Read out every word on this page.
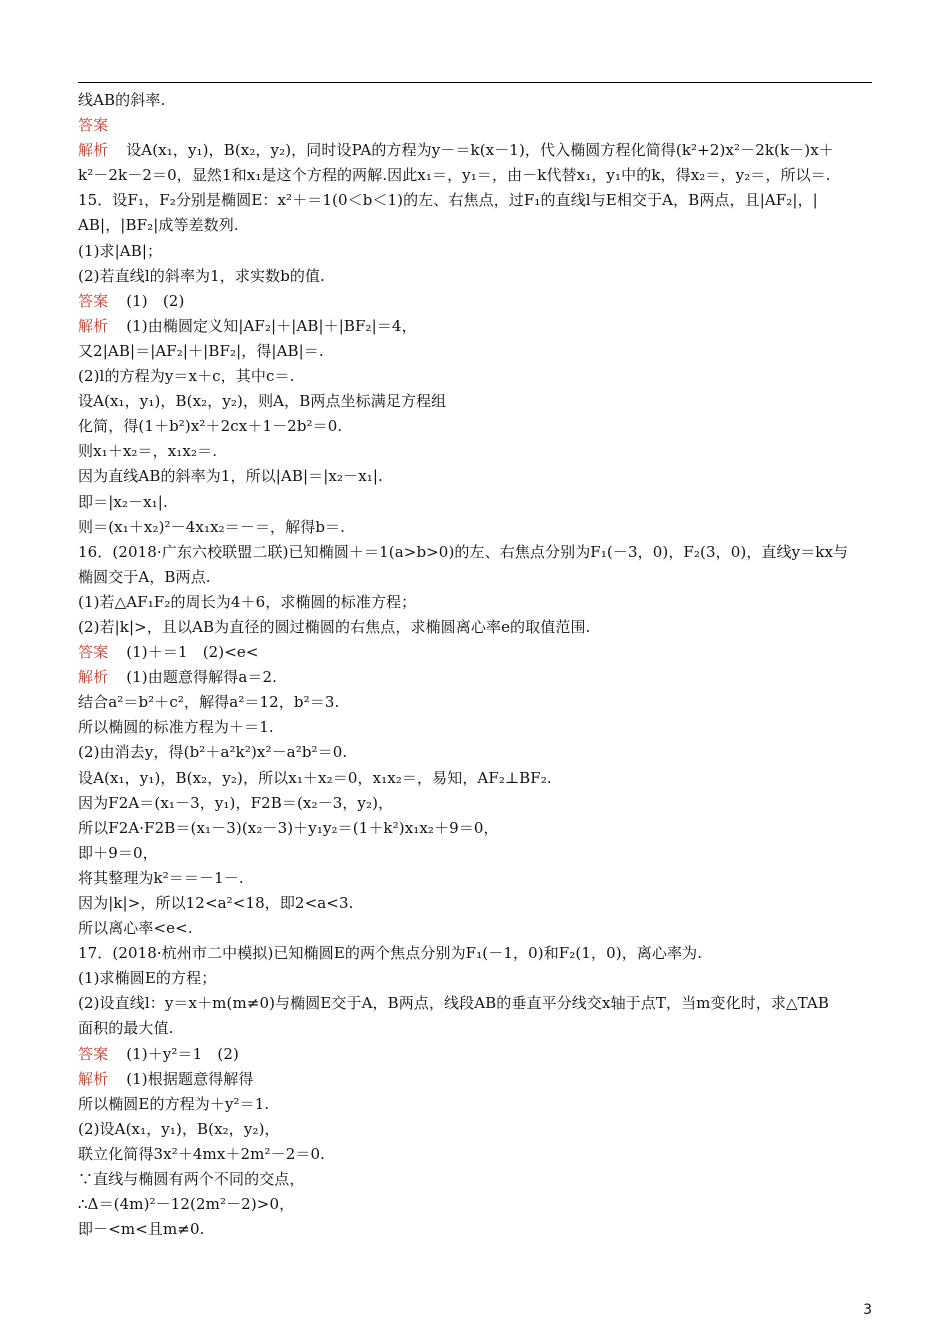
线AB的斜率.
答案
解析 设A(x₁，y₁)，B(x₂，y₂)，同时设PA的方程为y－＝k(x－1)，代入椭圆方程化简得(k²+2)x²－2k(k－)x＋
k²－2k－2＝0，显然1和x₁是这个方程的两解.因此x₁＝，y₁＝，由－k代替x₁，y₁中的k，得x₂＝，y₂＝，所以＝.
15．设F₁，F₂分别是椭圆E：x²＋＝1(0＜b＜1)的左、右焦点，过F₁的直线l与E相交于A，B两点，且|AF₂|，|
AB|，|BF₂|成等差数列.
(1)求|AB|；
(2)若直线l的斜率为1，求实数b的值.
答案 (1)　(2)
解析 (1)由椭圆定义知|AF₂|＋|AB|＋|BF₂|＝4，
又2|AB|＝|AF₂|＋|BF₂|，得|AB|＝.
(2)l的方程为y＝x＋c，其中c＝.
设A(x₁，y₁)，B(x₂，y₂)，则A，B两点坐标满足方程组
化简，得(1＋b²)x²＋2cx＋1－2b²＝0.
则x₁＋x₂＝，x₁x₂＝.
因为直线AB的斜率为1，所以|AB|＝|x₂－x₁|.
即＝|x₂－x₁|.
则＝(x₁＋x₂)²－4x₁x₂＝－＝，解得b＝.
16．(2018·广东六校联盟二联)已知椭圆＋＝1(a>b>0)的左、右焦点分别为F₁(－3，0)，F₂(3，0)，直线y＝kx与
椭圆交于A，B两点.
(1)若△AF₁F₂的周长为4＋6，求椭圆的标准方程；
(2)若|k|>，且以AB为直径的圆过椭圆的右焦点，求椭圆离心率e的取值范围.
答案 (1)＋＝1　(2)<e<
解析 (1)由题意得解得a＝2.
结合a²＝b²＋c²，解得a²＝12，b²＝3.
所以椭圆的标准方程为＋＝1.
(2)由消去y，得(b²＋a²k²)x²－a²b²＝0.
设A(x₁，y₁)，B(x₂，y₂)，所以x₁＋x₂＝0，x₁x₂＝，易知，AF₂⊥BF₂.
因为F2A＝(x₁－3，y₁)，F2B＝(x₂－3，y₂)，
所以F2A·F2B＝(x₁－3)(x₂－3)＋y₁y₂＝(1＋k²)x₁x₂＋9＝0，
即＋9＝0，
将其整理为k²＝＝－1－.
因为|k|>，所以12<a²<18，即2<a<3.
所以离心率<e<.
17．(2018·杭州市二中模拟)已知椭圆E的两个焦点分别为F₁(－1，0)和F₂(1，0)，离心率为.
(1)求椭圆E的方程；
(2)设直线l：y＝x＋m(m≠0)与椭圆E交于A，B两点，线段AB的垂直平分线交x轴于点T，当m变化时，求△TAB
面积的最大值.
答案 (1)＋y²＝1　(2)
解析 (1)根据题意得解得
所以椭圆E的方程为＋y²＝1.
(2)设A(x₁，y₁)，B(x₂，y₂)，
联立化简得3x²＋4mx＋2m²－2＝0.
∵直线与椭圆有两个不同的交点，
∴Δ＝(4m)²－12(2m²－2)>0，
即－<m<且m≠0.
3
